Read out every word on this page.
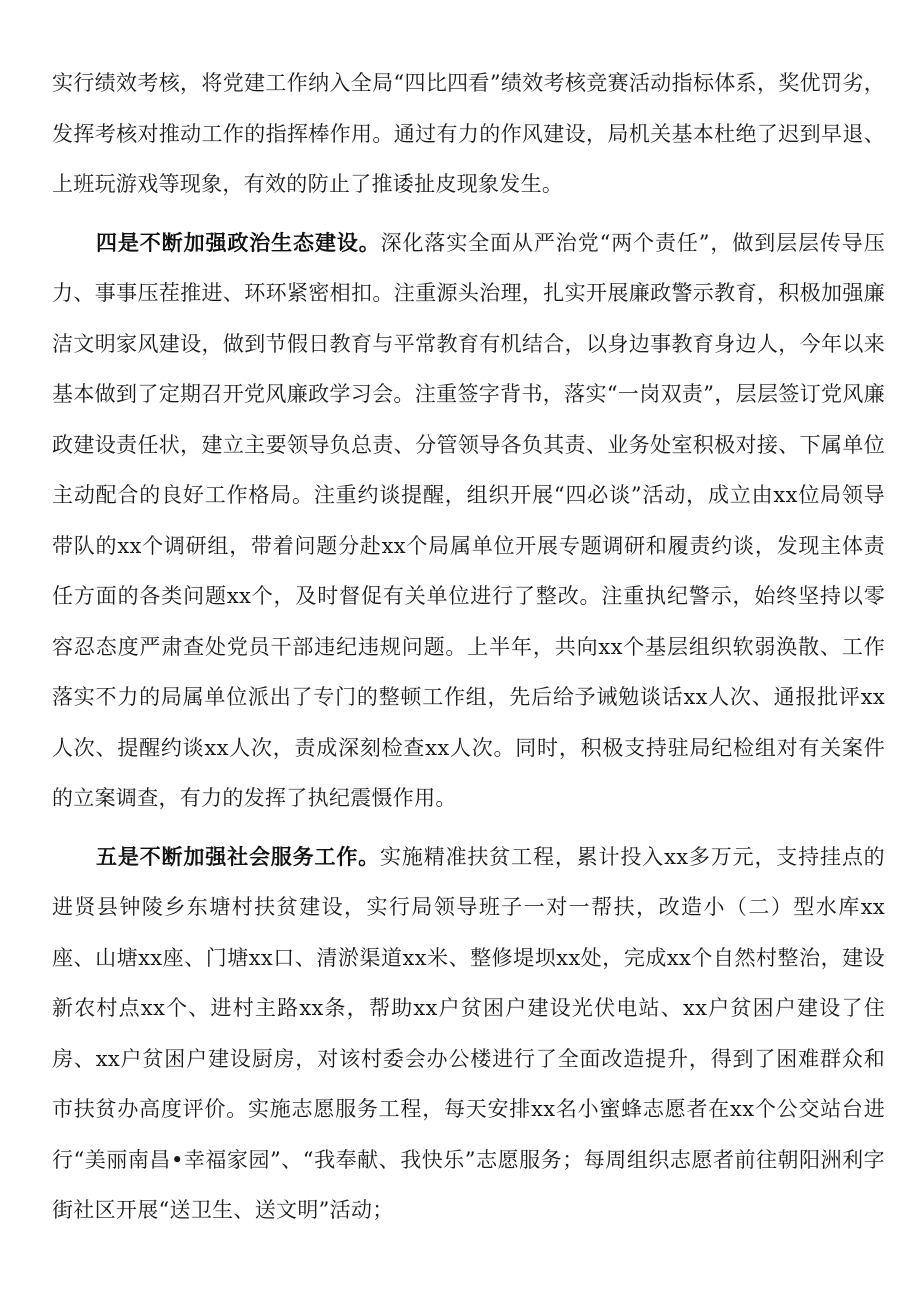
实行绩效考核，将党建工作纳入全局“四比四看”绩效考核竞赛活动指标体系，奖优罚劣，发挥考核对推动工作的指挥棒作用。通过有力的作风建设，局机关基本杜绝了迟到早退、上班玩游戏等现象，有效的防止了推诿扯皮现象发生。

四是不断加强政治生态建设。深化落实全面从严治党“两个责任”，做到层层传导压力、事事压茬推进、环环紧密相扣。注重源头治理，扎实开展廉政警示教育，积极加强廉洁文明家风建设，做到节假日教育与平常教育有机结合，以身边事教育身边人，今年以来基本做到了定期召开党风廉政学习会。注重签字背书，落实“一岗双责”，层层签订党风廉政建设责任状，建立主要领导负总责、分管领导各负其责、业务处室积极对接、下属单位主动配合的良好工作格局。注重约谈提醒，组织开展“四必谈”活动，成立由xx位局领导带队的xx个调研组，带着问题分赴xx个局属单位开展专题调研和履责约谈，发现主体责任方面的各类问题xx个，及时督促有关单位进行了整改。注重执纪警示，始终坚持以零容忍态度严肃查处党员干部违纪违规问题。上半年，共向xx个基层组织软弱涣散、工作落实不力的局属单位派出了专门的整顿工作组，先后给予诫勉谈话xx人次、通报批评xx人次、提醒约谈xx人次，责成深刻检查xx人次。同时，积极支持驻局纪检组对有关案件的立案调查，有力的发挥了执纪震慑作用。

五是不断加强社会服务工作。实施精准扶贫工程，累计投入xx多万元，支持挂点的进贤县钟陵乡东塘村扶贫建设，实行局领导班子一对一帮扶，改造小（二）型水库xx座、山塘xx座、门塘xx口、清淤渠道xx米、整修堤坝xx处，完成xx个自然村整治，建设新农村点xx个、进村主路xx条，帮助xx户贫困户建设光伏电站、xx户贫困户建设了住房、xx户贫困户建设厨房，对该村委会办公楼进行了全面改造提升，得到了困难群众和市扶贫办高度评价。实施志愿服务工程，每天安排xx名小蜜蜂志愿者在xx个公交站台进行“美丽南昌•幸福家园”、“我奉献、我快乐”志愿服务；每周组织志愿者前往朝阳洲利字街社区开展“送卫生、送文明”活动；
